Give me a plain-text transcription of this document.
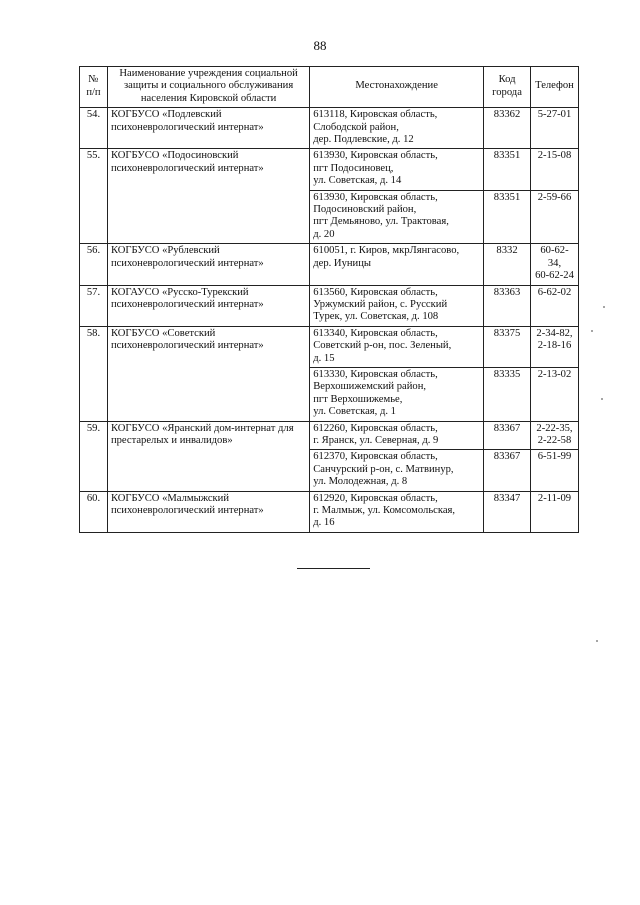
88
№ п/п	Наименование учреждения социальной защиты и социального обслуживания населения Кировской области	Местонахождение	Код города	Телефон
54.	КОГБУСО «Подлевский психоневрологический интернат»	613118, Кировская область,
Слободской район,
дер. Подлевские, д. 12	83362	5-27-01

55.	КОГБУСО «Подосиновский психоневрологический интернат»	613930, Кировская область,
пгт Подосиновец,
ул. Советская, д. 14	83351	2-15-08

		613930, Кировская область,
Подосиновский район,
пгт Демьяново, ул. Трактовая,
д. 20	83351	2-59-66

56.	КОГБУСО «Рублевский психоневрологический интернат»	610051, г. Киров, мкрЛянгасово,
дер. Иуницы	8332	60-62-34,
60-62-24

57.	КОГАУСО «Русско-Турекский психоневрологический интернат»	613560, Кировская область,
Уржумский район, с. Русский
Турек, ул. Советская, д. 108	83363	6-62-02

58.	КОГБУСО «Советский психоневрологический интернат»	613340, Кировская область,
Советский р-он, пос. Зеленый,
д. 15	83375	2-34-82,
2-18-16

		613330, Кировская область,
Верхошижемский район,
пгт Верхошижемье,
ул. Советская, д. 1	83335	2-13-02

59.	КОГБУСО «Яранский дом-интернат для престарелых и инвалидов»	612260, Кировская область,
г. Яранск, ул. Северная, д. 9	83367	2-22-35,
2-22-58

		612370, Кировская область,
Санчурский р-он, с. Матвинур,
ул. Молодежная, д. 8	83367	6-51-99

60.	КОГБУСО «Малмыжский психоневрологический интернат»	612920, Кировская область,
г. Малмыж, ул. Комсомольская,
д. 16	83347	2-11-09
